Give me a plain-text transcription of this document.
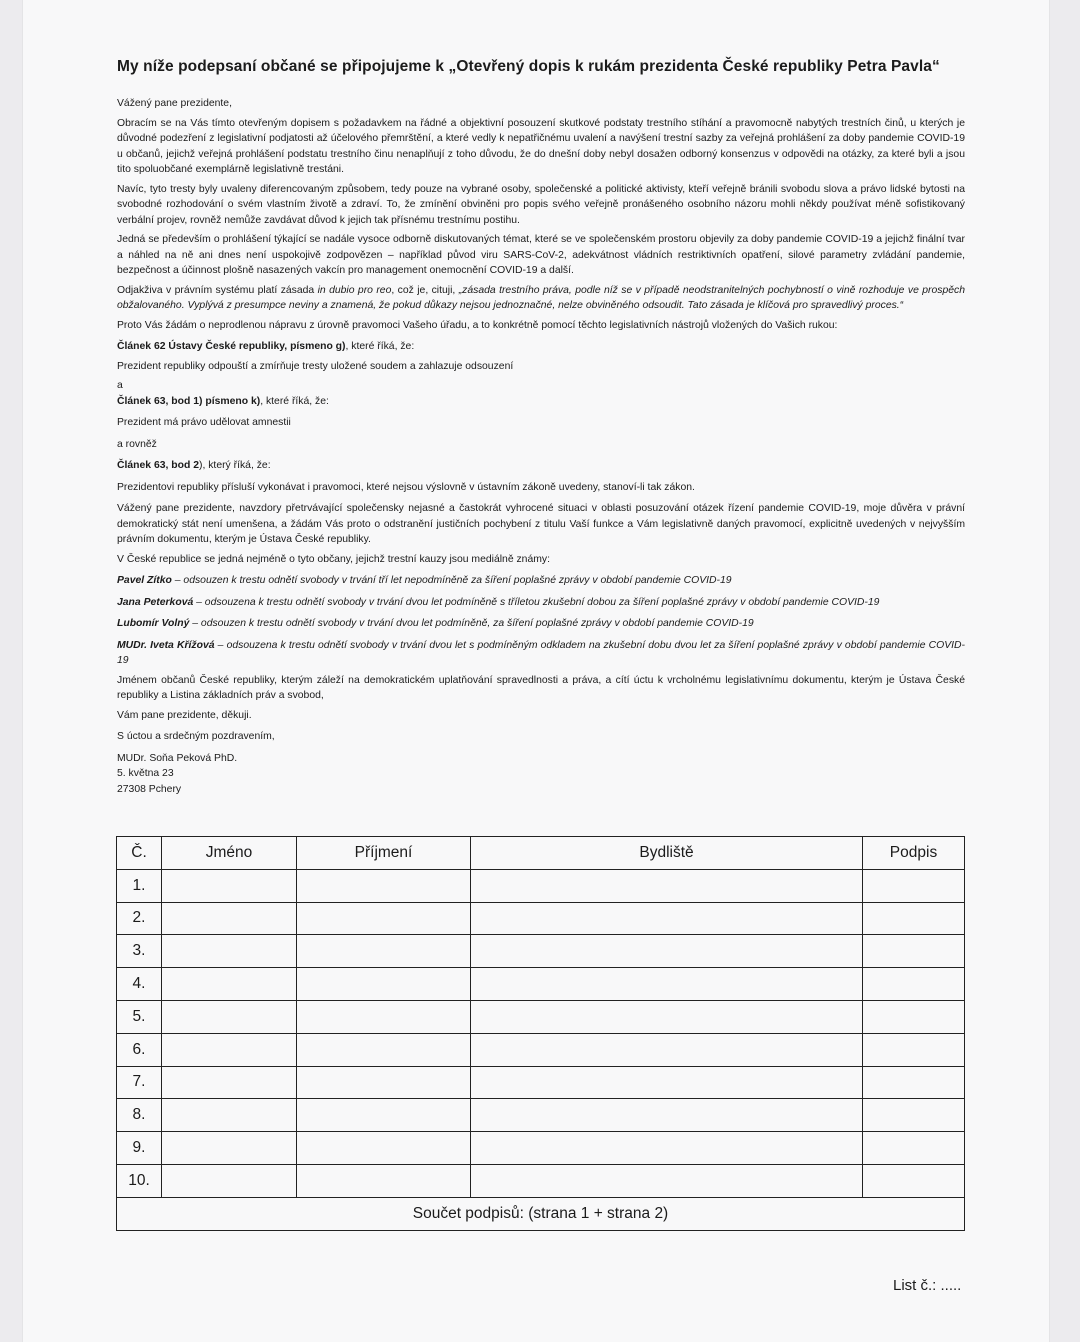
My níže podepsaní občané se připojujeme k „Otevřený dopis k rukám prezidenta České republiky Petra Pavla“
Vážený pane prezidente,
Obracím se na Vás tímto otevřeným dopisem s požadavkem na řádné a objektivní posouzení skutkové podstaty trestního stíhání a pravomocně nabytých trestních činů, u kterých je důvodné podezření z legislativní podjatosti až účelového přemrštění, a které vedly k nepatřičnému uvalení a navýšení trestní sazby za veřejná prohlášení za doby pandemie COVID-19 u občanů, jejichž veřejná prohlášení podstatu trestního činu nenaplňují z toho důvodu, že do dnešní doby nebyl dosažen odborný konsenzus v odpovědi na otázky, za které byli a jsou tito spoluobčané exemplárně legislativně trestáni.
Navíc, tyto tresty byly uvaleny diferencovaným způsobem, tedy pouze na vybrané osoby, společenské a politické aktivisty, kteří veřejně bránili svobodu slova a právo lidské bytosti na svobodné rozhodování o svém vlastním životě a zdraví. To, že zmínění obviněni pro popis svého veřejně pronášeného osobního názoru mohli někdy používat méně sofistikovaný verbální projev, rovněž nemůže zavdávat důvod k jejich tak přísnému trestnímu postihu.
Jedná se především o prohlášení týkající se nadále vysoce odborně diskutovaných témat, které se ve společenském prostoru objevily za doby pandemie COVID-19 a jejichž finální tvar a náhled na ně ani dnes není uspokojivě zodpovězen – například původ viru SARS-CoV-2, adekvátnost vládních restriktivních opatření, silové parametry zvládání pandemie, bezpečnost a účinnost plošně nasazených vakcín pro management onemocnění COVID-19 a další.
Odjakživa v právním systému platí zásada in dubio pro reo, což je, cituji, „zásada trestního práva, podle níž se v případě neodstranitelných pochybností o vině rozhoduje ve prospěch obžalovaného. Vyplývá z presumpce neviny a znamená, že pokud důkazy nejsou jednoznačné, nelze obviněného odsoudit. Tato zásada je klíčová pro spravedlivý proces.“
Proto Vás žádám o neprodlenou nápravu z úrovně pravomoci Vašeho úřadu, a to konkrétně pomocí těchto legislativních nástrojů vložených do Vašich rukou:
Článek 62 Ústavy České republiky, písmeno g), které říká, že:
Prezident republiky odpouští a zmírňuje tresty uložené soudem a zahlazuje odsouzení
a
Článek 63, bod 1) písmeno k), které říká, že:
Prezident má právo udělovat amnestii
a rovněž
Článek 63, bod 2), který říká, že:
Prezidentovi republiky přísluší vykonávat i pravomoci, které nejsou výslovně v ústavním zákoně uvedeny, stanoví-li tak zákon.
Vážený pane prezidente, navzdory přetrvávající společensky nejasné a častokrát vyhrocené situaci v oblasti posuzování otázek řízení pandemie COVID-19, moje důvěra v právní demokratický stát není umenšena, a žádám Vás proto o odstranění justičních pochybení z titulu Vaší funkce a Vám legislativně daných pravomocí, explicitně uvedených v nejvyšším právním dokumentu, kterým je Ústava České republiky.
V České republice se jedná nejméně o tyto občany, jejichž trestní kauzy jsou mediálně známy:
Pavel Zítko – odsouzen k trestu odnětí svobody v trvání tří let nepodmíněně za šíření poplašné zprávy v období pandemie COVID-19
Jana Peterková – odsouzena k trestu odnětí svobody v trvání dvou let podmíněně s tříletou zkušební dobou za šíření poplašné zprávy v období pandemie COVID-19
Lubomír Volný – odsouzen k trestu odnětí svobody v trvání dvou let podmíněně, za šíření poplašné zprávy v období pandemie COVID-19
MUDr. Iveta Křížová – odsouzena k trestu odnětí svobody v trvání dvou let s podmíněným odkladem na zkušební dobu dvou let za šíření poplašné zprávy v období pandemie COVID-19
Jménem občanů České republiky, kterým záleží na demokratickém uplatňování spravedlnosti a práva, a cítí úctu k vrcholnému legislativnímu dokumentu, kterým je Ústava České republiky a Listina základních práv a svobod,
Vám pane prezidente, děkuji.
S úctou a srdečným pozdravením,
MUDr. Soňa Peková PhD.
5. května 23
27308 Pchery
Č.	Jméno	Příjmení	Bydliště	Podpis
1.				
2.				
3.				
4.				
5.				
6.				
7.				
8.				
9.				
10.				
Součet podpisů: (strana 1 + strana 2)				
List č.: .....
